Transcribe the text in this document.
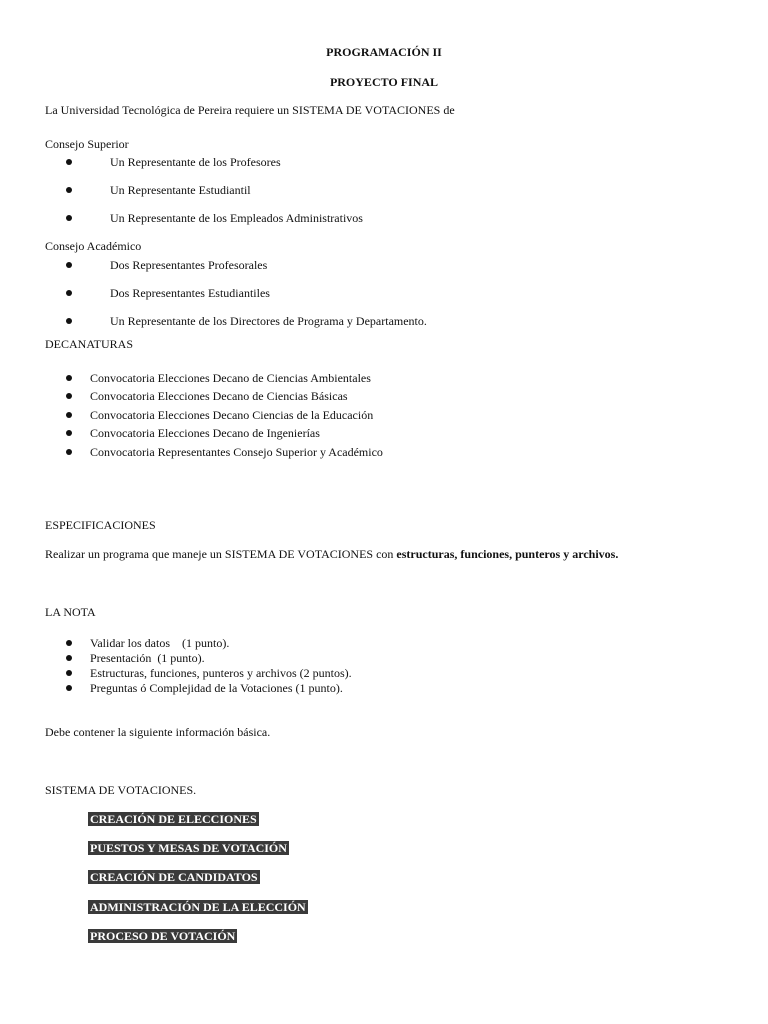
PROGRAMACIÓN II
PROYECTO FINAL
La Universidad Tecnológica de Pereira requiere un SISTEMA DE VOTACIONES de
Consejo Superior
Un Representante de los Profesores
Un Representante Estudiantil
Un Representante de los Empleados Administrativos
Consejo Académico
Dos Representantes Profesorales
Dos Representantes Estudiantiles
Un Representante de los Directores de Programa y Departamento.
DECANATURAS
Convocatoria Elecciones Decano de Ciencias Ambientales
Convocatoria Elecciones Decano de Ciencias Básicas
Convocatoria Elecciones Decano Ciencias de la Educación
Convocatoria Elecciones Decano de Ingenierías
Convocatoria Representantes Consejo Superior y Académico
ESPECIFICACIONES
Realizar un programa que maneje un SISTEMA DE VOTACIONES con estructuras, funciones, punteros y archivos.
LA NOTA
Validar los datos    (1 punto).
Presentación  (1 punto).
Estructuras, funciones, punteros y archivos (2 puntos).
Preguntas ó Complejidad de la Votaciones (1 punto).
Debe contener la siguiente información básica.
SISTEMA DE VOTACIONES.
CREACIÓN DE ELECCIONES
PUESTOS Y MESAS DE VOTACIÓN
CREACIÓN DE CANDIDATOS
ADMINISTRACIÓN DE LA ELECCIÓN
PROCESO DE VOTACIÓN
